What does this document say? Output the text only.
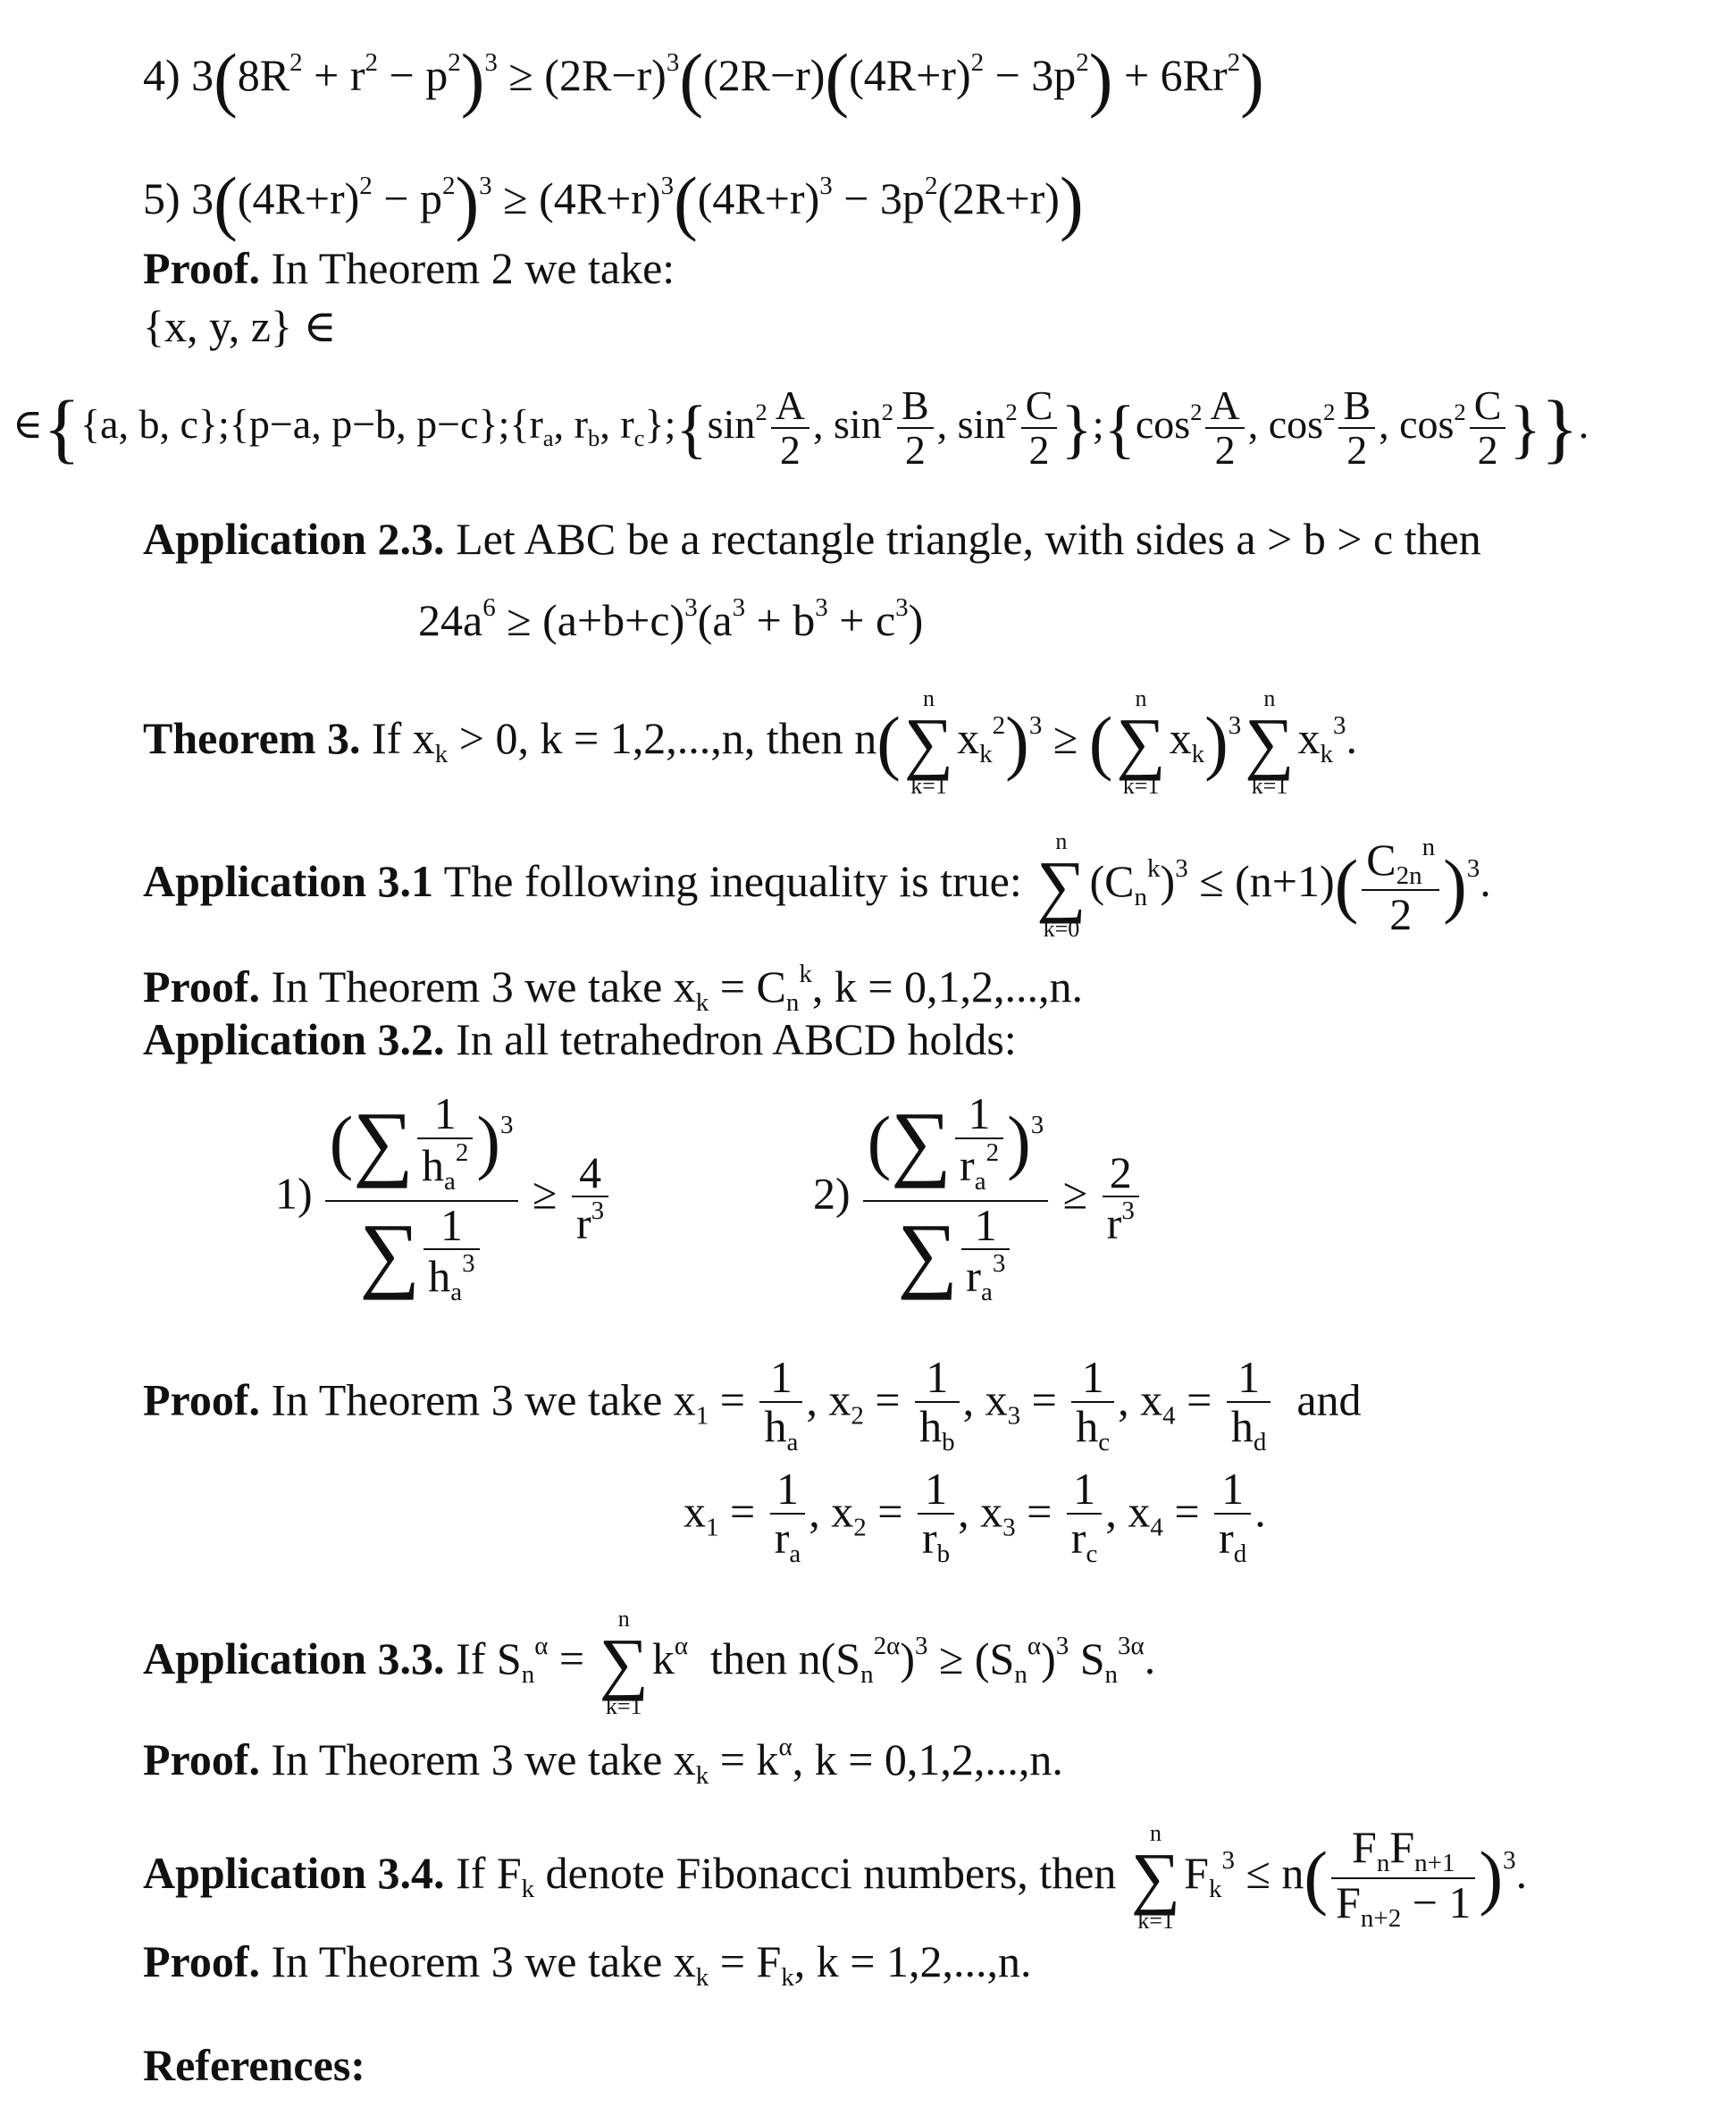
4) $3(8R^2 + r^2 - p^2)^3 \ge (2R-r)^3((2R-r)((4R+r)^2 - 3p^2) + 6Rr^2)$
5) $3((4R+r)^2 - p^2)^3 \ge (4R+r)^3((4R+r)^3 - 3p^2(2R+r))$
Proof. In Theorem 2 we take:
{x, y, z} ∈
∈{{a, b, c};{p−a, p−b, $p-c\};\{r_a$, $r_b$, $r_c\};\{\sin^2 \frac{A}{2}$ , $\sin^2 \frac{B}{2}$ , $\sin^2 \frac{C}{2}$ }$;\{\cos^2 \frac{A}{2}$ , $\cos^2 \frac{B}{2}$ , $\cos^2 \frac{C}{2}$ }}.
Application 2.3. Let ABC be a rectangle triangle, with sides a > b > c then
$24a^6 \ge (a+b+c)^3(a^3 + b^3 + c^3)$
Theorem 3. If $x_k > 0$, k = 1,2,...,n, then n(
n
∑
k=1
$x_k^2)^3$ ≥ (
n
∑
k=1
$x_k)^3$
n
∑
k=1
$x_k^3$.
Application 3.1 The following inequality is true:
n
∑
k=0
$(C_n^k)^3 \le (n+1)( \frac{C_{2n}^n}{2} )^3$.
Proof. In Theorem 3 we take $x_k = C_n^k$, k = 0,1,2,...,n.
Application 3.2. In all tetrahedron ABCD holds:
$1) \frac{(\sum \frac{1}{h_a^2} )^3}{\sum \frac{1}{h_a^3}} \ge \frac{4}{r^3}$	$2) \frac{(\sum \frac{1}{r_a^2} )^3}{\sum \frac{1}{r_a^3}} \ge \frac{2}{r^3}$
Proof. In Theorem 3 we take $x_1 = \frac{1}{h_a}$ , $x_2 = \frac{1}{h_b}$ , $x_3 = \frac{1}{h_c}$ , $x_4 = \frac{1}{h_d}$ and
$x_1 = \frac{1}{r_a}$ , $x_2 = \frac{1}{r_b}$ , $x_3 = \frac{1}{r_c}$ , $x_4 = \frac{1}{r_d}$ .
Application 3.3. If $S_n^\alpha$ =
n
∑
k=1
$k^\alpha$ then $n(S_n^{2\alpha})^3 \ge (S_n^\alpha)^3$ $S_n^{3\alpha}$.
Proof. In Theorem 3 we take $x_k = k^\alpha$, k = 0,1,2,...,n.
Application 3.4. If $F_k$ denote Fibonacci numbers, then
n
∑
k=1
$F_k^3 \le n( \frac{F_nF_{n+1}}{F_{n+2} - 1} )^3$.
Proof. In Theorem 3 we take $x_k = F_k$, k = 1,2,...,n.
References:
